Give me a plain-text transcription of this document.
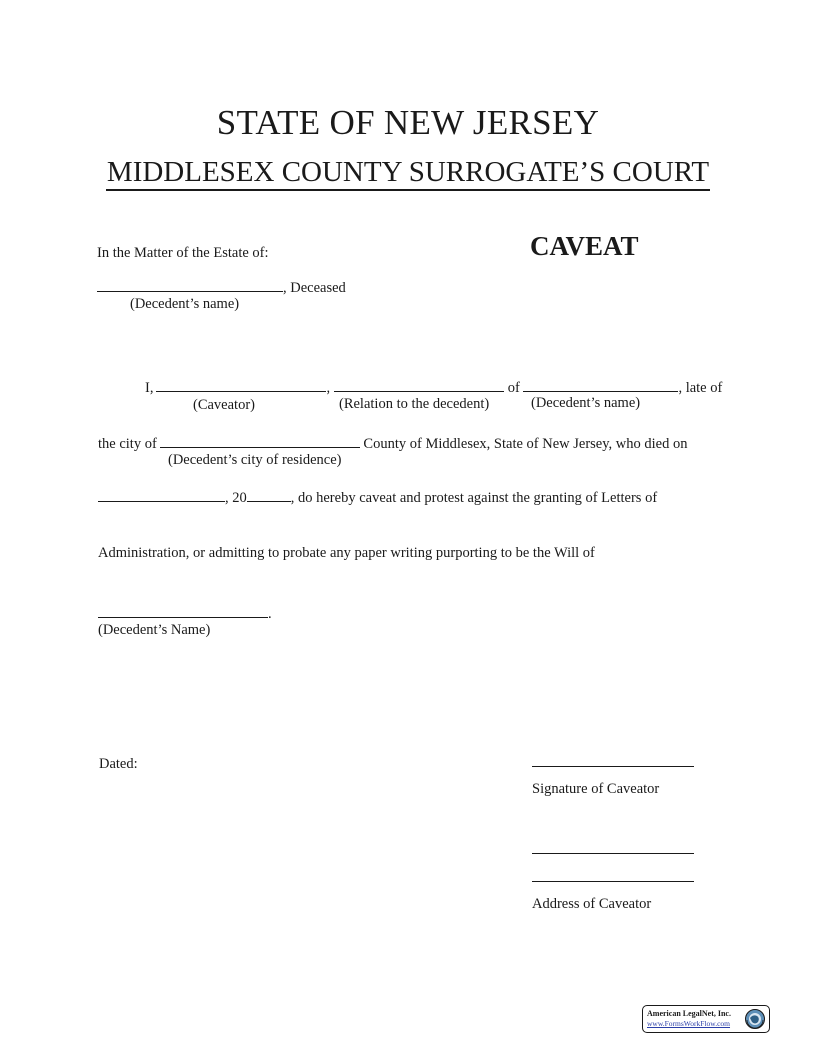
STATE OF NEW JERSEY
MIDDLESEX COUNTY SURROGATE’S COURT
In the Matter of the Estate of:	CAVEAT
, Deceased
(Decedent’s name)
I,	,	of	, late of
(Caveator)	(Relation to the decedent)	(Decedent’s name)
the city of	County of Middlesex, State of New Jersey, who died on
(Decedent’s city of residence)
, 20	, do hereby caveat and protest against the granting of Letters of
Administration, or admitting to probate any paper writing purporting to be the Will of
.
(Decedent’s Name)
Dated:
Signature of Caveator
Address of Caveator
American LegalNet, Inc.
www.FormsWorkFlow.com
